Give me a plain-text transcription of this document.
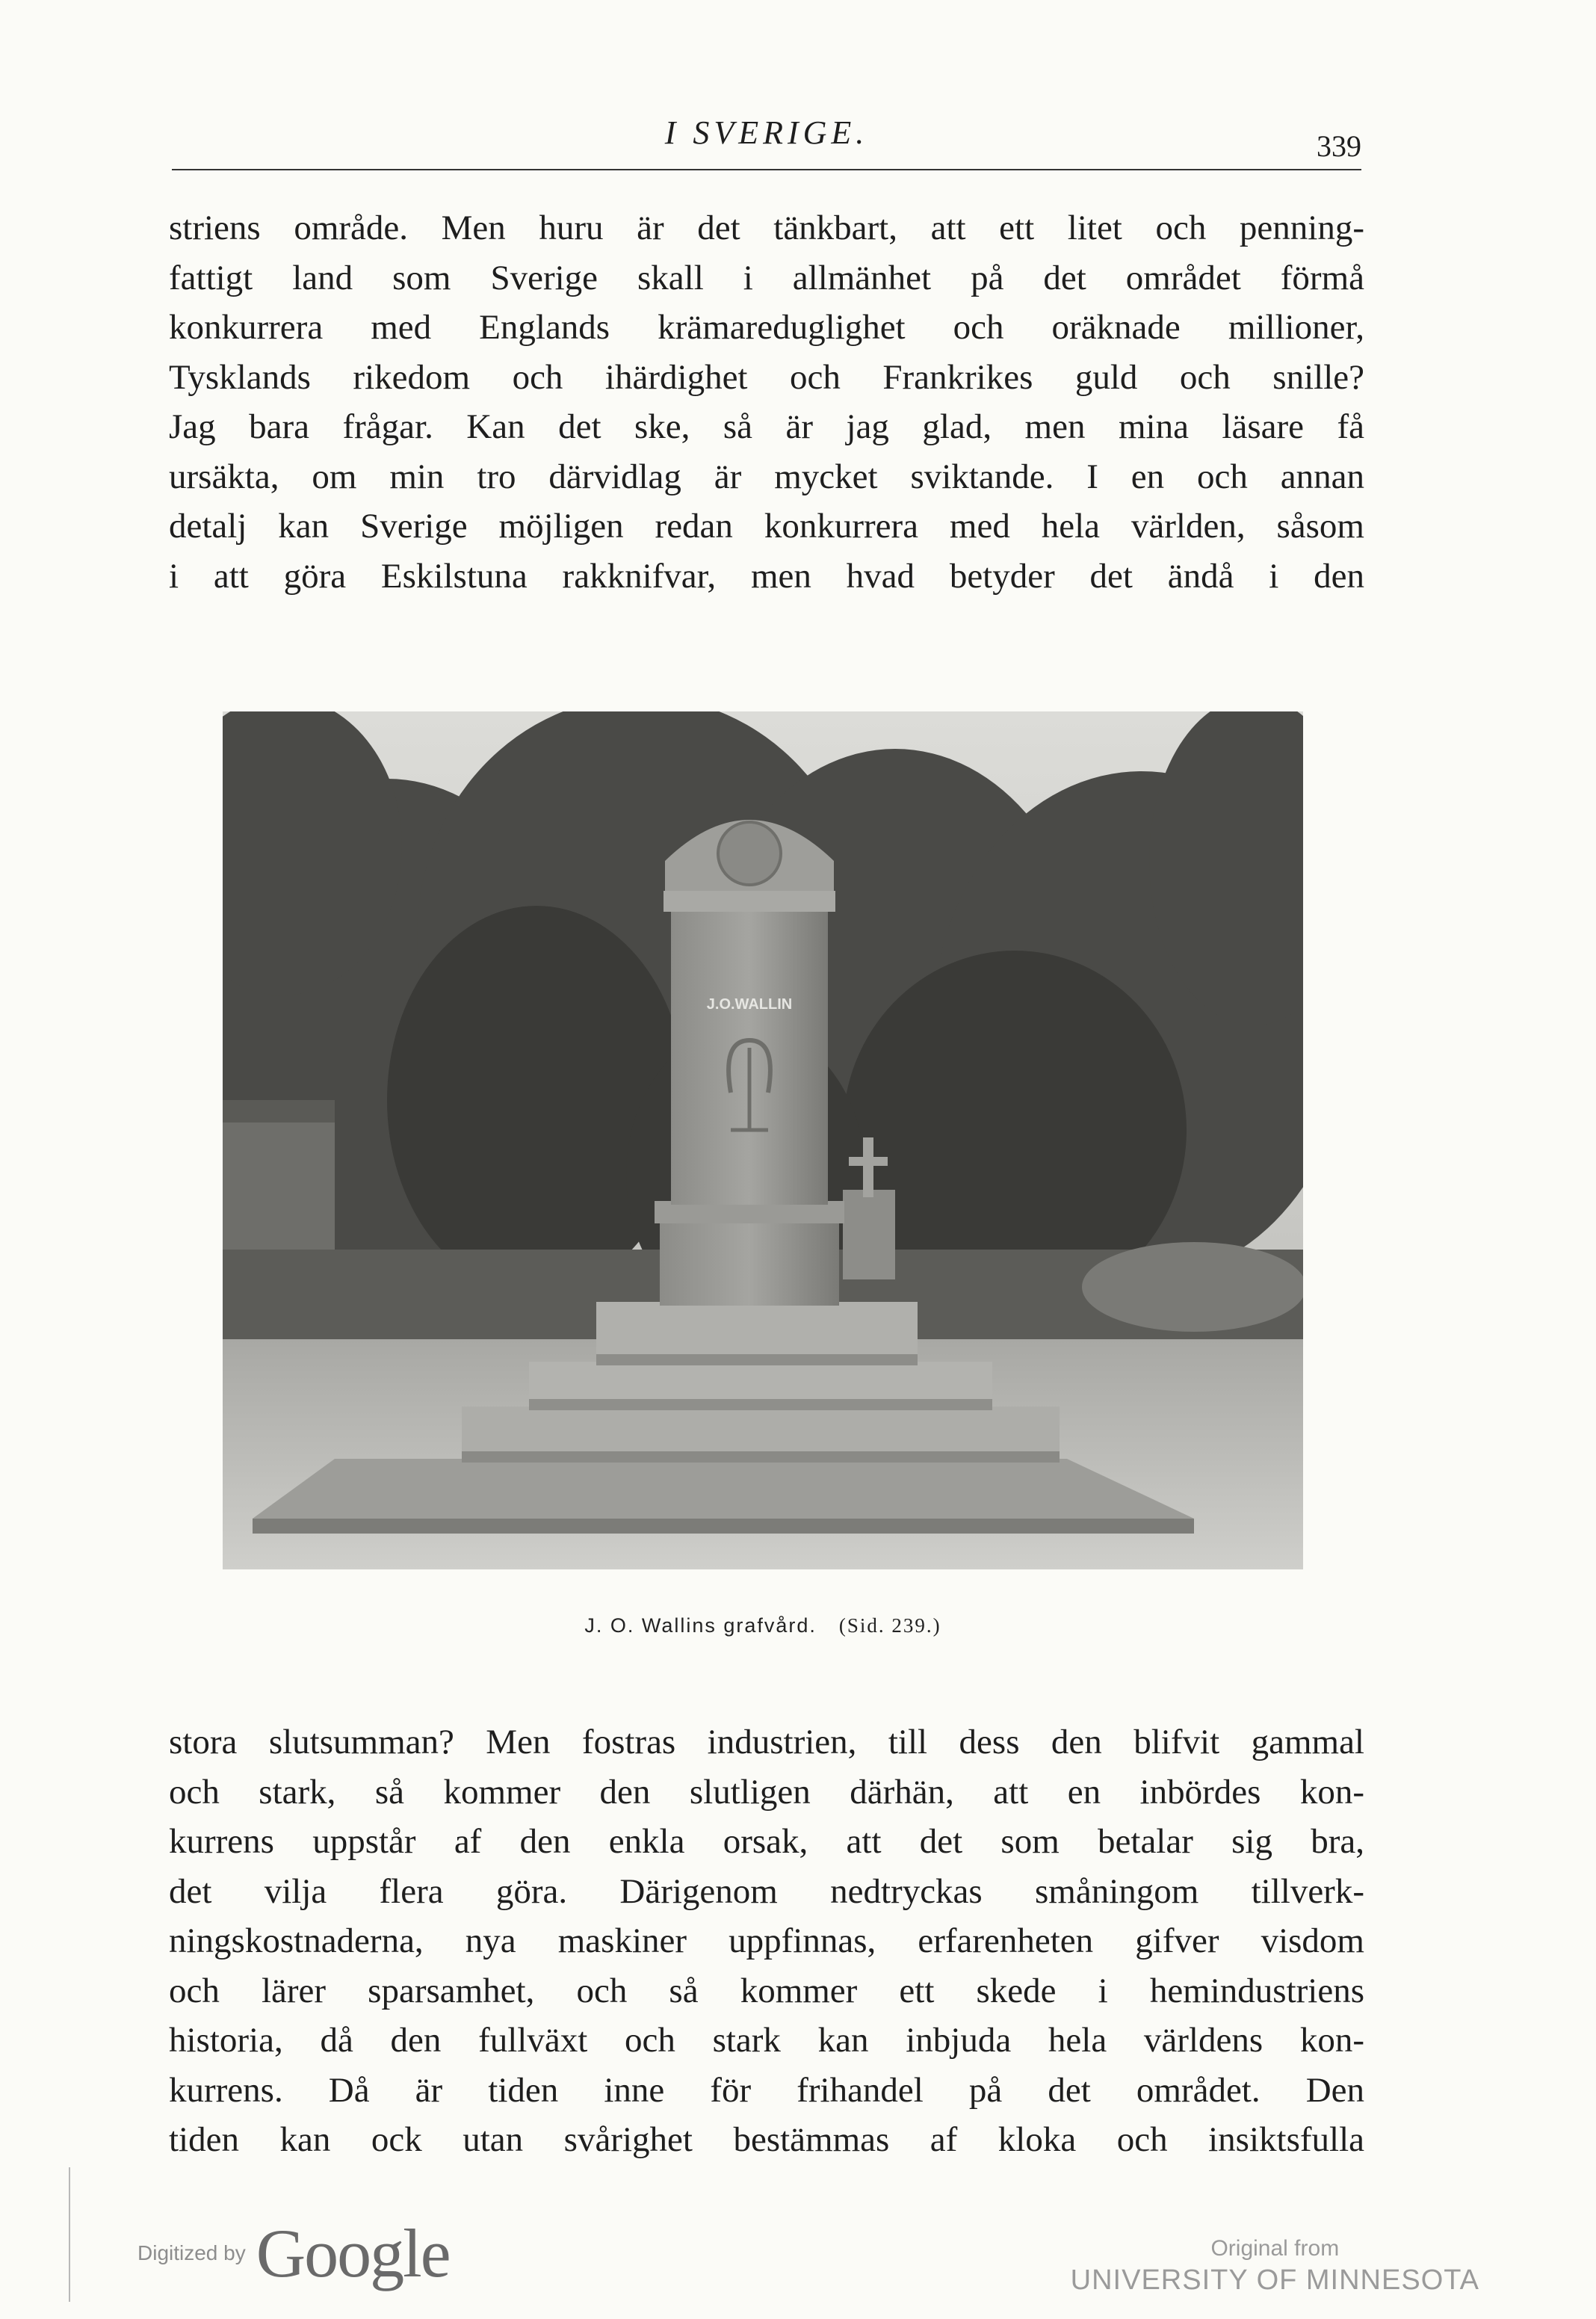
I SVERIGE.	339
striens område. Men huru är det tänkbart, att ett litet och penning-
fattigt land som Sverige skall i allmänhet på det området förmå
konkurrera med Englands krämareduglighet och oräknade millioner,
Tysklands rikedom och ihärdighet och Frankrikes guld och snille?
Jag bara frågar. Kan det ske, så är jag glad, men mina läsare få
ursäkta, om min tro därvidlag är mycket sviktande. I en och annan
detalj kan Sverige möjligen redan konkurrera med hela världen, såsom
i att göra Eskilstuna rakknifvar, men hvad betyder det ändå i den
J.O.WALLIN
J. O. Wallins grafvård. (Sid. 239.)
stora slutsumman? Men fostras industrien, till dess den blifvit gammal
och stark, så kommer den slutligen därhän, att en inbördes kon-
kurrens uppstår af den enkla orsak, att det som betalar sig bra,
det vilja flera göra. Därigenom nedtryckas småningom tillverk-
ningskostnaderna, nya maskiner uppfinnas, erfarenheten gifver visdom
och lärer sparsamhet, och så kommer ett skede i hemindustriens
historia, då den fullväxt och stark kan inbjuda hela världens kon-
kurrens. Då är tiden inne för frihandel på det området. Den
tiden kan ock utan svårighet bestämmas af kloka och insiktsfulla
Digitized by Google	Original from
UNIVERSITY OF MINNESOTA
